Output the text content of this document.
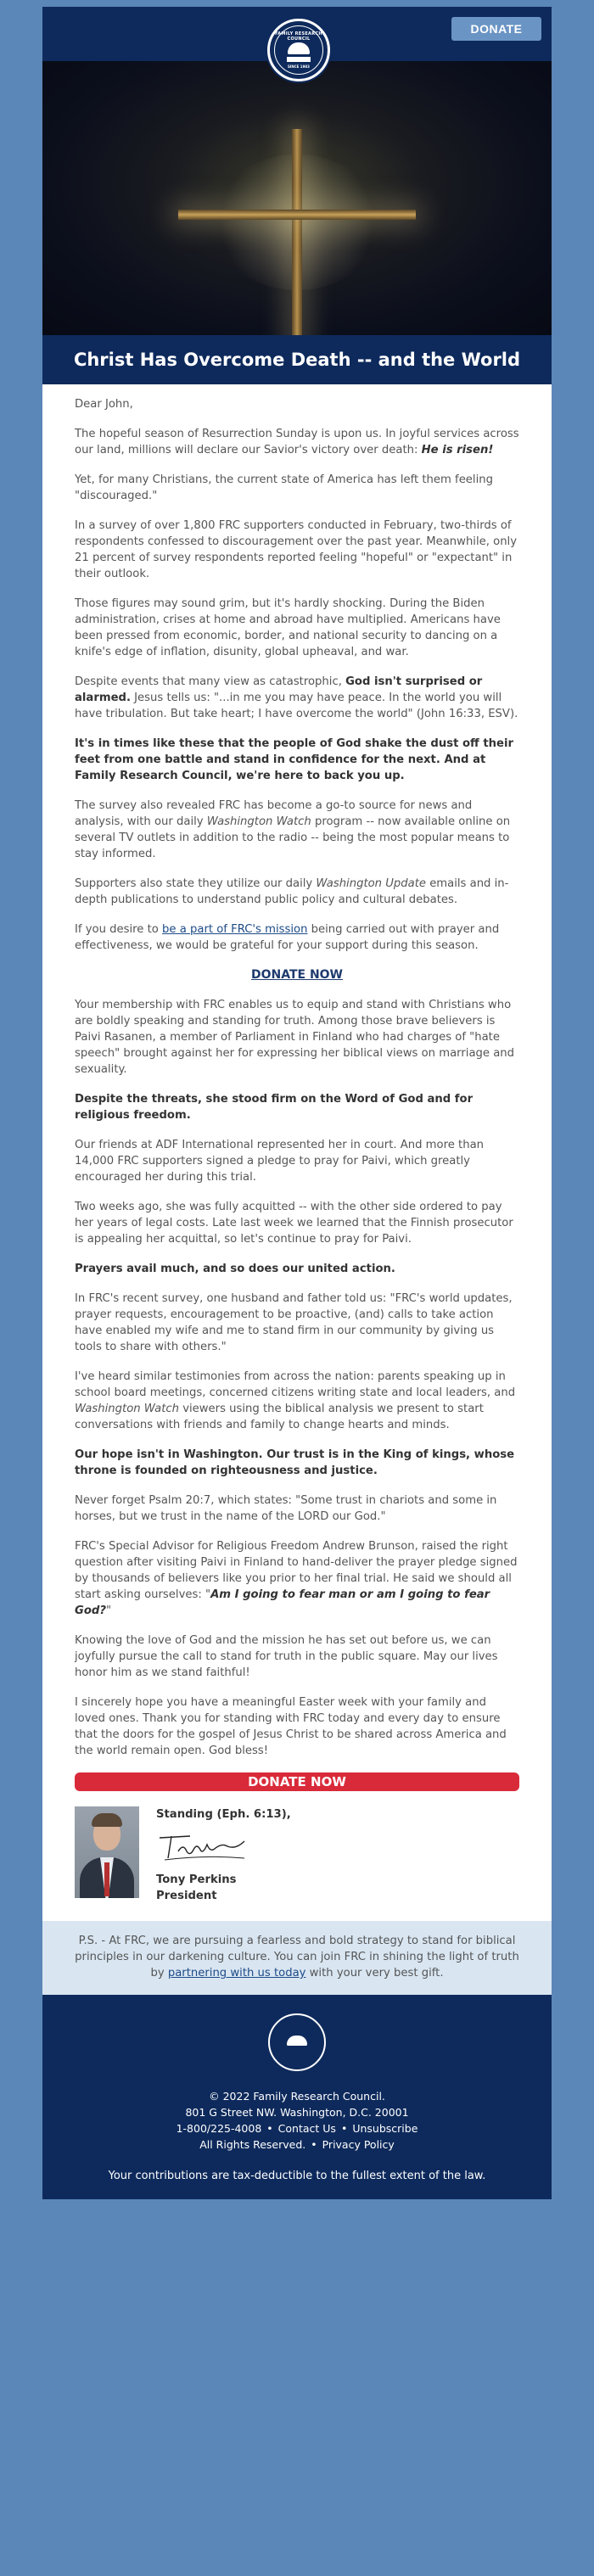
FAMILY RESEARCH COUNCIL
SINCE 1983
DONATE
Christ Has Overcome Death -- and the World

Dear John,

The hopeful season of Resurrection Sunday is upon us. In joyful services across our land, millions will declare our Savior's victory over death: He is risen!

Yet, for many Christians, the current state of America has left them feeling "discouraged."

In a survey of over 1,800 FRC supporters conducted in February, two-thirds of respondents confessed to discouragement over the past year. Meanwhile, only 21 percent of survey respondents reported feeling "hopeful" or "expectant" in their outlook.

Those figures may sound grim, but it's hardly shocking. During the Biden administration, crises at home and abroad have multiplied. Americans have been pressed from economic, border, and national security to dancing on a knife's edge of inflation, disunity, global upheaval, and war.

Despite events that many view as catastrophic, God isn't surprised or alarmed. Jesus tells us: "...in me you may have peace. In the world you will have tribulation. But take heart; I have overcome the world" (John 16:33, ESV).

It's in times like these that the people of God shake the dust off their feet from one battle and stand in confidence for the next. And at Family Research Council, we're here to back you up.

The survey also revealed FRC has become a go-to source for news and analysis, with our daily Washington Watch program -- now available online on several TV outlets in addition to the radio -- being the most popular means to stay informed.

Supporters also state they utilize our daily Washington Update emails and in-depth publications to understand public policy and cultural debates.

If you desire to be a part of FRC's mission being carried out with prayer and effectiveness, we would be grateful for your support during this season.

DONATE NOW

Your membership with FRC enables us to equip and stand with Christians who are boldly speaking and standing for truth. Among those brave believers is Paivi Rasanen, a member of Parliament in Finland who had charges of "hate speech" brought against her for expressing her biblical views on marriage and sexuality.

Despite the threats, she stood firm on the Word of God and for religious freedom.

Our friends at ADF International represented her in court. And more than 14,000 FRC supporters signed a pledge to pray for Paivi, which greatly encouraged her during this trial.

Two weeks ago, she was fully acquitted -- with the other side ordered to pay her years of legal costs. Late last week we learned that the Finnish prosecutor is appealing her acquittal, so let's continue to pray for Paivi.

Prayers avail much, and so does our united action.

In FRC's recent survey, one husband and father told us: "FRC's world updates, prayer requests, encouragement to be proactive, (and) calls to take action have enabled my wife and me to stand firm in our community by giving us tools to share with others."

I've heard similar testimonies from across the nation: parents speaking up in school board meetings, concerned citizens writing state and local leaders, and Washington Watch viewers using the biblical analysis we present to start conversations with friends and family to change hearts and minds.

Our hope isn't in Washington. Our trust is in the King of kings, whose throne is founded on righteousness and justice.

Never forget Psalm 20:7, which states: "Some trust in chariots and some in horses, but we trust in the name of the LORD our God."

FRC's Special Advisor for Religious Freedom Andrew Brunson, raised the right question after visiting Paivi in Finland to hand-deliver the prayer pledge signed by thousands of believers like you prior to her final trial. He said we should all start asking ourselves: "Am I going to fear man or am I going to fear God?"

Knowing the love of God and the mission he has set out before us, we can joyfully pursue the call to stand for truth in the public square. May our lives honor him as we stand faithful!

I sincerely hope you have a meaningful Easter week with your family and loved ones. Thank you for standing with FRC today and every day to ensure that the doors for the gospel of Jesus Christ to be shared across America and the world remain open. God bless!

DONATE NOW
Standing (Eph. 6:13),
Tony Perkins
President
P.S. - At FRC, we are pursuing a fearless and bold strategy to stand for biblical principles in our darkening culture. You can join FRC in shining the light of truth by partnering with us today with your very best gift.
© 2022 Family Research Council.
801 G Street NW. Washington, D.C. 20001
1-800/225-4008 • Contact Us • Unsubscribe
All Rights Reserved. • Privacy Policy
Your contributions are tax-deductible to the fullest extent of the law.
